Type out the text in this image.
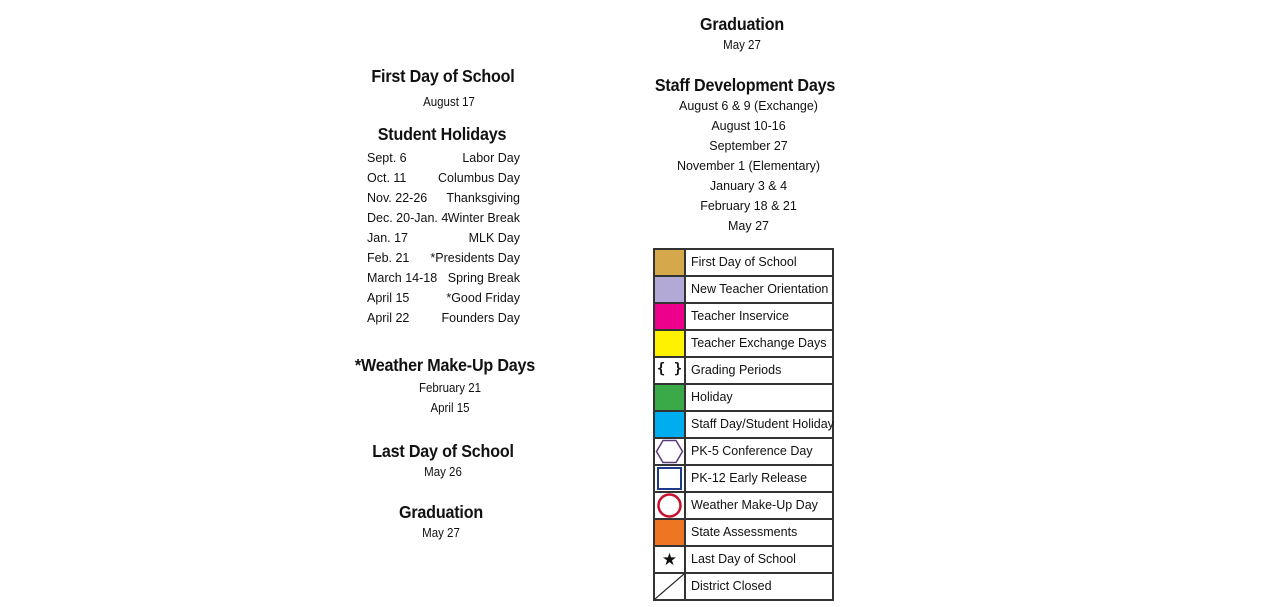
First Day of School
August 17
Student Holidays
Sept. 6	Labor Day
Oct. 11	Columbus Day
Nov. 22-26 Thanksgiving
Dec. 20-Jan. 4 Winter Break
Jan. 17	MLK Day
Feb. 21 *Presidents Day
March 14-18 Spring Break
April 15	*Good Friday
April 22	Founders Day
*Weather Make-Up Days
February 21
April 15
Last Day of School
May 26
Graduation
May 27
Graduation
May 27
Staff Development Days
August 6 & 9 (Exchange)
August 10-16
September 27
November 1 (Elementary)
January 3 & 4
February 18 & 21
May 27
First Day of School
New Teacher Orientation
Teacher Inservice
Teacher Exchange Days
{ } Grading Periods
Holiday
Staff Day/Student Holiday
PK-5 Conference Day
PK-12 Early Release
Weather Make-Up Day
State Assessments
★	Last Day of School
District Closed
